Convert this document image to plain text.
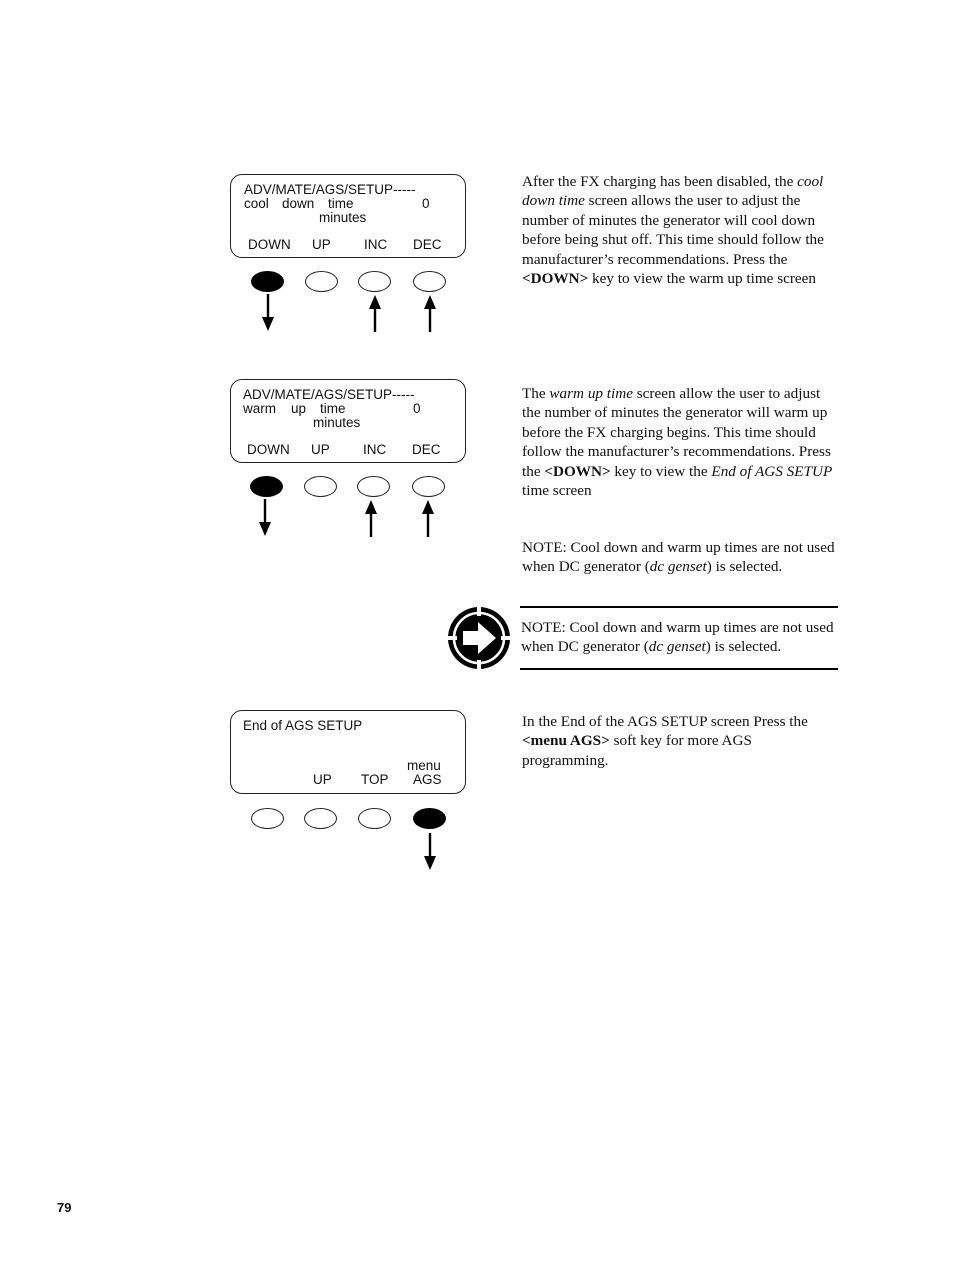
ADV/MATE/AGS/SETUP-----
cool down time	0
minutes
DOWN UP INC DEC
After the FX charging has been disabled, the cool down time screen allows the user to adjust the number of minutes the generator will cool down before being shut off. This time should follow the manufacturer’s recommendations. Press the <DOWN> key to view the warm up time screen
ADV/MATE/AGS/SETUP-----
warm up time	0
minutes
DOWN UP INC DEC
The warm up time screen allow the user to adjust the number of minutes the generator will warm up before the FX charging begins. This time should follow the manufacturer’s recommendations. Press the <DOWN> key to view the End of AGS SETUP time screen
NOTE: Cool down and warm up times are not used when DC generator (dc genset) is selected.
NOTE: Cool down and warm up times are not used when DC generator (dc genset) is selected.
End of AGS SETUP
menu
UP TOP AGS
In the End of the AGS SETUP screen Press the <menu AGS> soft key for more AGS programming.
79
